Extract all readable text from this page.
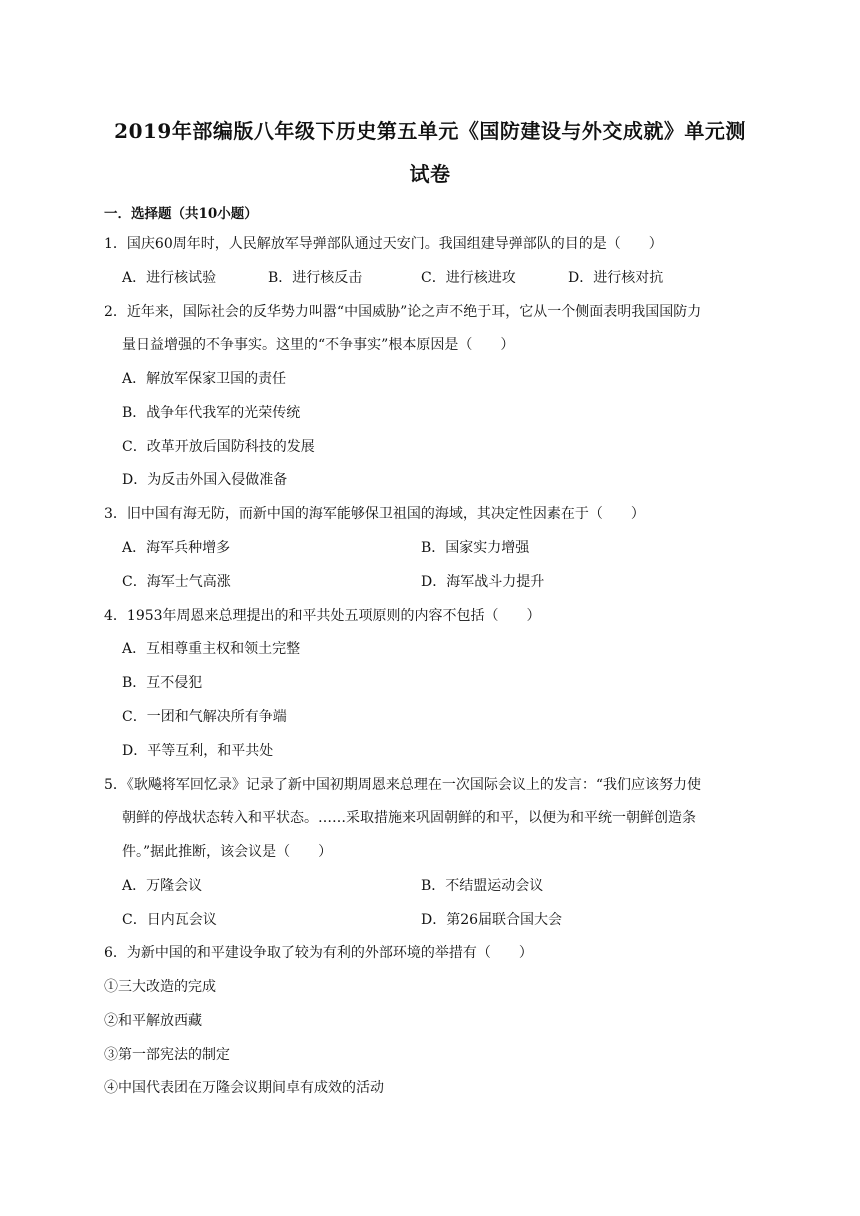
2019年部编版八年级下历史第五单元《国防建设与外交成就》单元测
试卷
一．选择题（共10小题）
1．国庆60周年时，人民解放军导弹部队通过天安门。我国组建导弹部队的目的是（　　）
A．进行核试验	B．进行核反击	C．进行核进攻	D．进行核对抗
2．近年来，国际社会的反华势力叫嚣“中国威胁”论之声不绝于耳，它从一个侧面表明我国国防力
量日益增强的不争事实。这里的“不争事实”根本原因是（　　）
A．解放军保家卫国的责任
B．战争年代我军的光荣传统
C．改革开放后国防科技的发展
D．为反击外国入侵做准备
3．旧中国有海无防，而新中国的海军能够保卫祖国的海域，其决定性因素在于（　　）
A．海军兵种增多	B．国家实力增强
C．海军士气高涨	D．海军战斗力提升
4．1953年周恩来总理提出的和平共处五项原则的内容不包括（　　）
A．互相尊重主权和领土完整
B．互不侵犯
C．一团和气解决所有争端
D．平等互利，和平共处
5．《耿飚将军回忆录》记录了新中国初期周恩来总理在一次国际会议上的发言：“我们应该努力使
朝鲜的停战状态转入和平状态。……采取措施来巩固朝鲜的和平，以便为和平统一朝鲜创造条
件。”据此推断，该会议是（　　）
A．万隆会议	B．不结盟运动会议
C．日内瓦会议	D．第26届联合国大会
6．为新中国的和平建设争取了较为有利的外部环境的举措有（　　）
①三大改造的完成
②和平解放西藏
③第一部宪法的制定
④中国代表团在万隆会议期间卓有成效的活动
